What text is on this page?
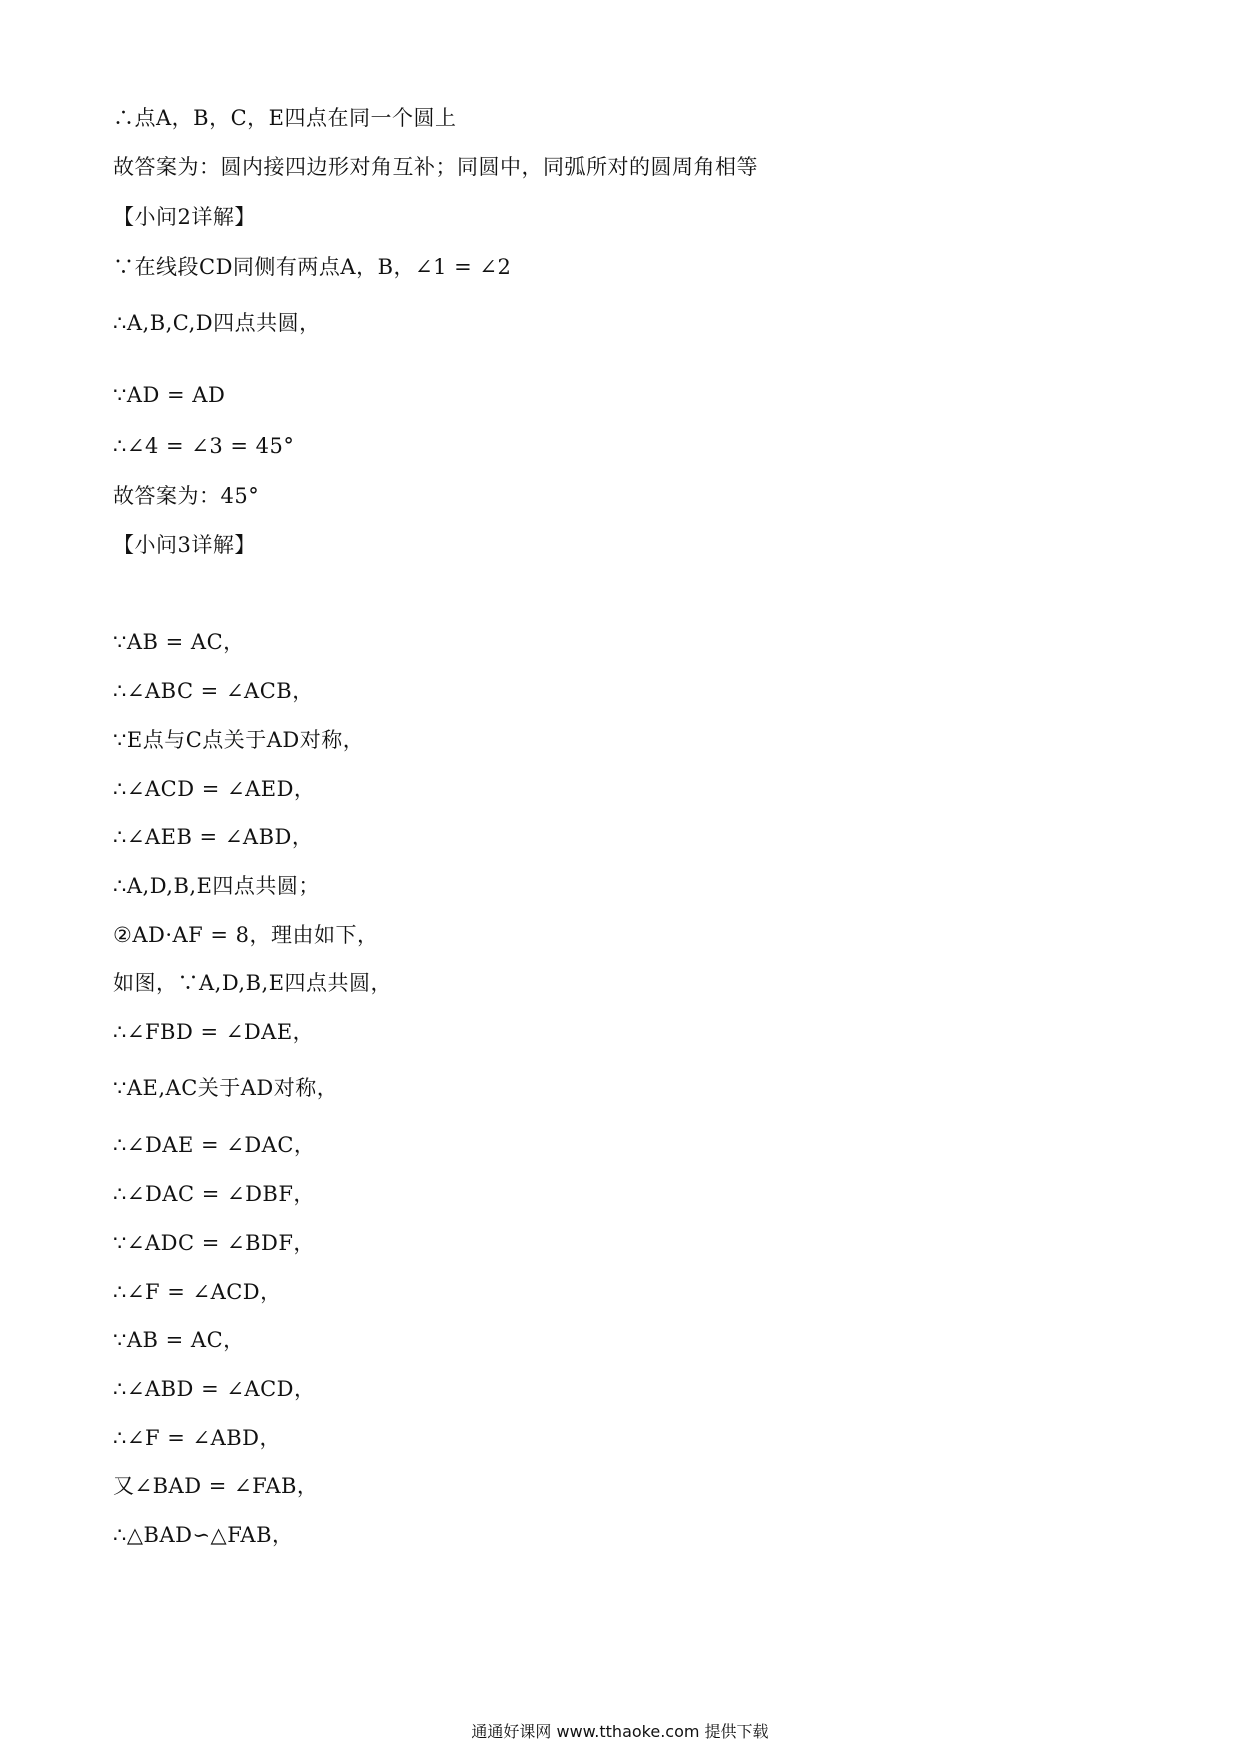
∴点A，B，C，E四点在同一个圆上
故答案为：圆内接四边形对角互补；同圆中，同弧所对的圆周角相等
【小问2详解】
∵在线段CD同侧有两点A，B，∠1 = ∠2
∴A,B,C,D四点共圆，
∵AD = AD
∴∠4 = ∠3 = 45°
故答案为：45°
【小问3详解】
∵AB = AC，
∴∠ABC = ∠ACB，
∵E点与C点关于AD对称，
∴∠ACD = ∠AED，
∴∠AEB = ∠ABD，
∴A,D,B,E四点共圆；
②AD·AF = 8，理由如下，
如图，∵A,D,B,E四点共圆，
∴∠FBD = ∠DAE，
∵AE,AC关于AD对称，
∴∠DAE = ∠DAC，
∴∠DAC = ∠DBF，
∵∠ADC = ∠BDF，
∴∠F = ∠ACD，
∵AB = AC，
∴∠ABD = ∠ACD，
∴∠F = ∠ABD，
又∠BAD = ∠FAB，
∴△BAD∽△FAB，
通通好课网 www.tthaoke.com 提供下载
